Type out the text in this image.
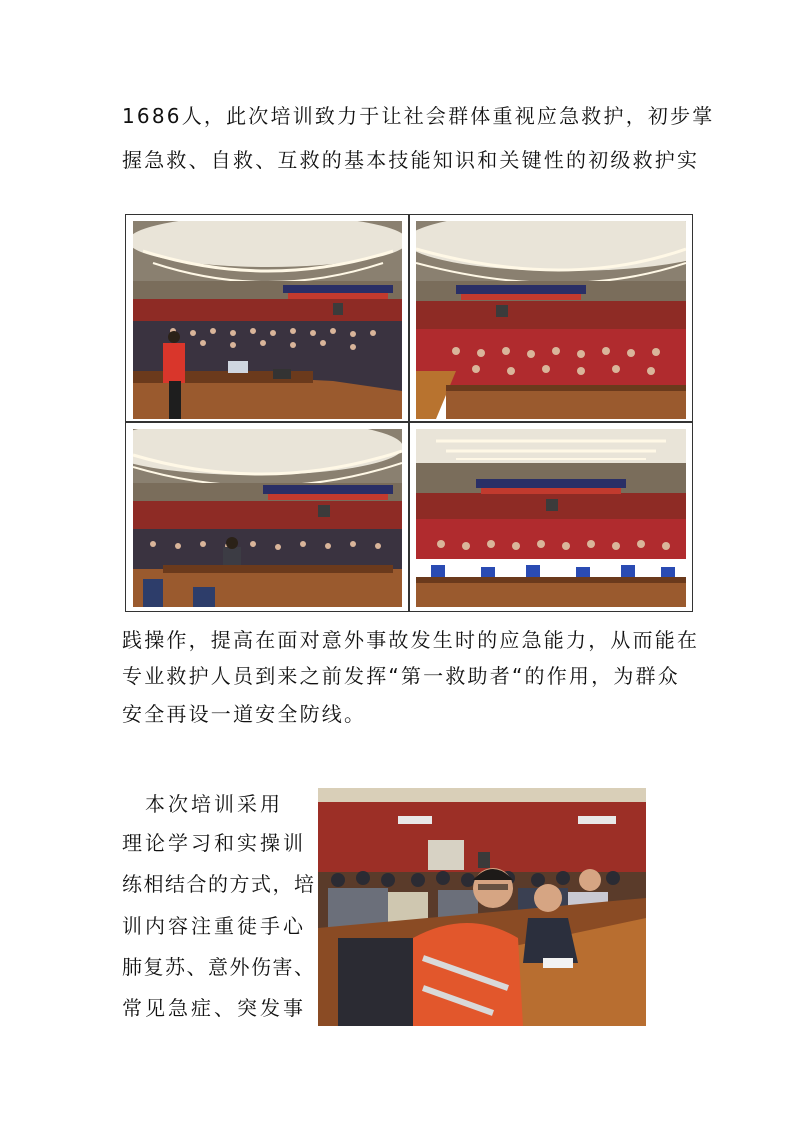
1686人，此次培训致力于让社会群体重视应急救护，初步掌
握急救、自救、互救的基本技能知识和关键性的初级救护实
践操作，提高在面对意外事故发生时的应急能力，从而能在
专业救护人员到来之前发挥“第一救助者“的作用，为群众
安全再设一道安全防线。
　本次培训采用
理论学习和实操训
练相结合的方式，培
训内容注重徒手心
肺复苏、意外伤害、
常见急症、突发事
